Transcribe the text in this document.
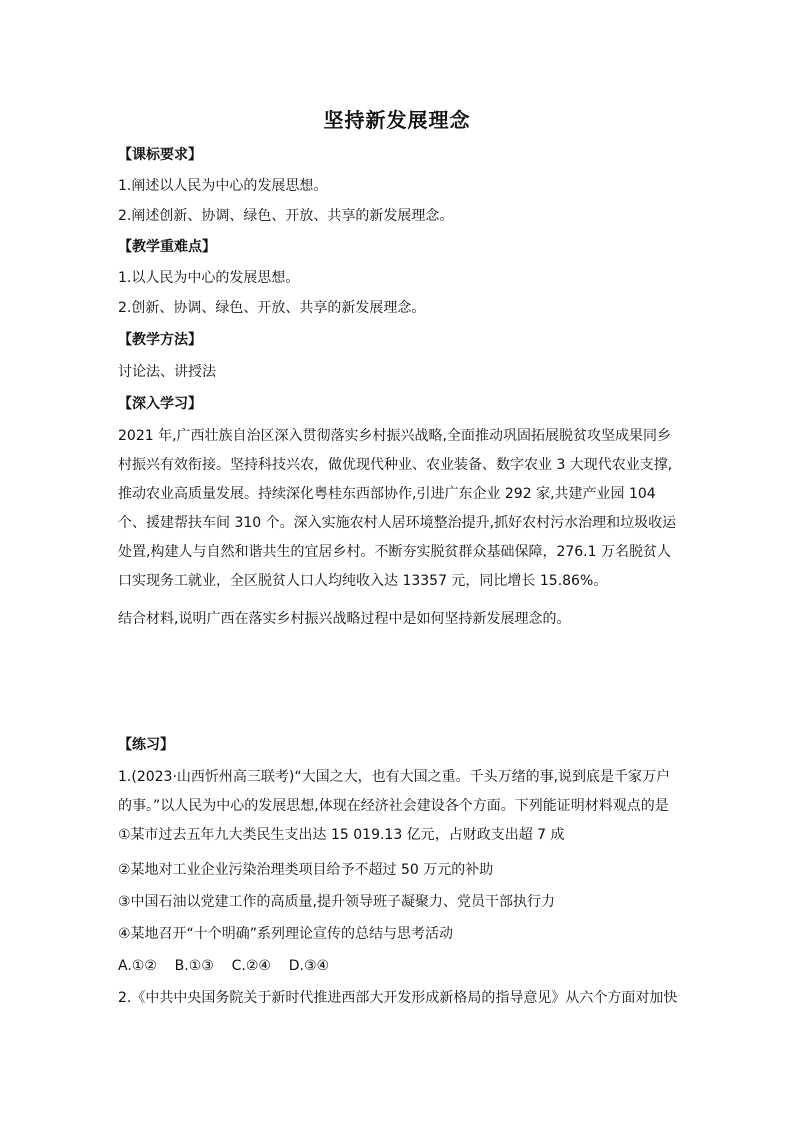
坚持新发展理念
【课标要求】
1.阐述以人民为中心的发展思想。
2.阐述创新、协调、绿色、开放、共享的新发展理念。
【教学重难点】
1.以人民为中心的发展思想。
2.创新、协调、绿色、开放、共享的新发展理念。
【教学方法】
讨论法、讲授法
【深入学习】
2021 年,广西壮族自治区深入贯彻落实乡村振兴战略,全面推动巩固拓展脱贫攻坚成果同乡村振兴有效衔接。坚持科技兴农，做优现代种业、农业装备、数字农业 3 大现代农业支撑,推动农业高质量发展。持续深化粤桂东西部协作,引进广东企业 292 家,共建产业园 104 个、援建帮扶车间 310 个。深入实施农村人居环境整治提升,抓好农村污水治理和垃圾收运处置,构建人与自然和谐共生的宜居乡村。不断夯实脱贫群众基础保障，276.1 万名脱贫人口实现务工就业，全区脱贫人口人均纯收入达 13357 元，同比增长 15.86%。
结合材料,说明广西在落实乡村振兴战略过程中是如何坚持新发展理念的。
【练习】
1.(2023·山西忻州高三联考)“大国之大，也有大国之重。千头万绪的事,说到底是千家万户的事。”以人民为中心的发展思想,体现在经济社会建设各个方面。下列能证明材料观点的是①某市过去五年九大类民生支出达 15 019.13 亿元，占财政支出超 7 成
②某地对工业企业污染治理类项目给予不超过 50 万元的补助
③中国石油以党建工作的高质量,提升领导班子凝聚力、党员干部执行力
④某地召开“十个明确”系列理论宣传的总结与思考活动
A.①②    B.①③    C.②④    D.③④
2.《中共中央国务院关于新时代推进西部大开发形成新格局的指导意见》从六个方面对加快
